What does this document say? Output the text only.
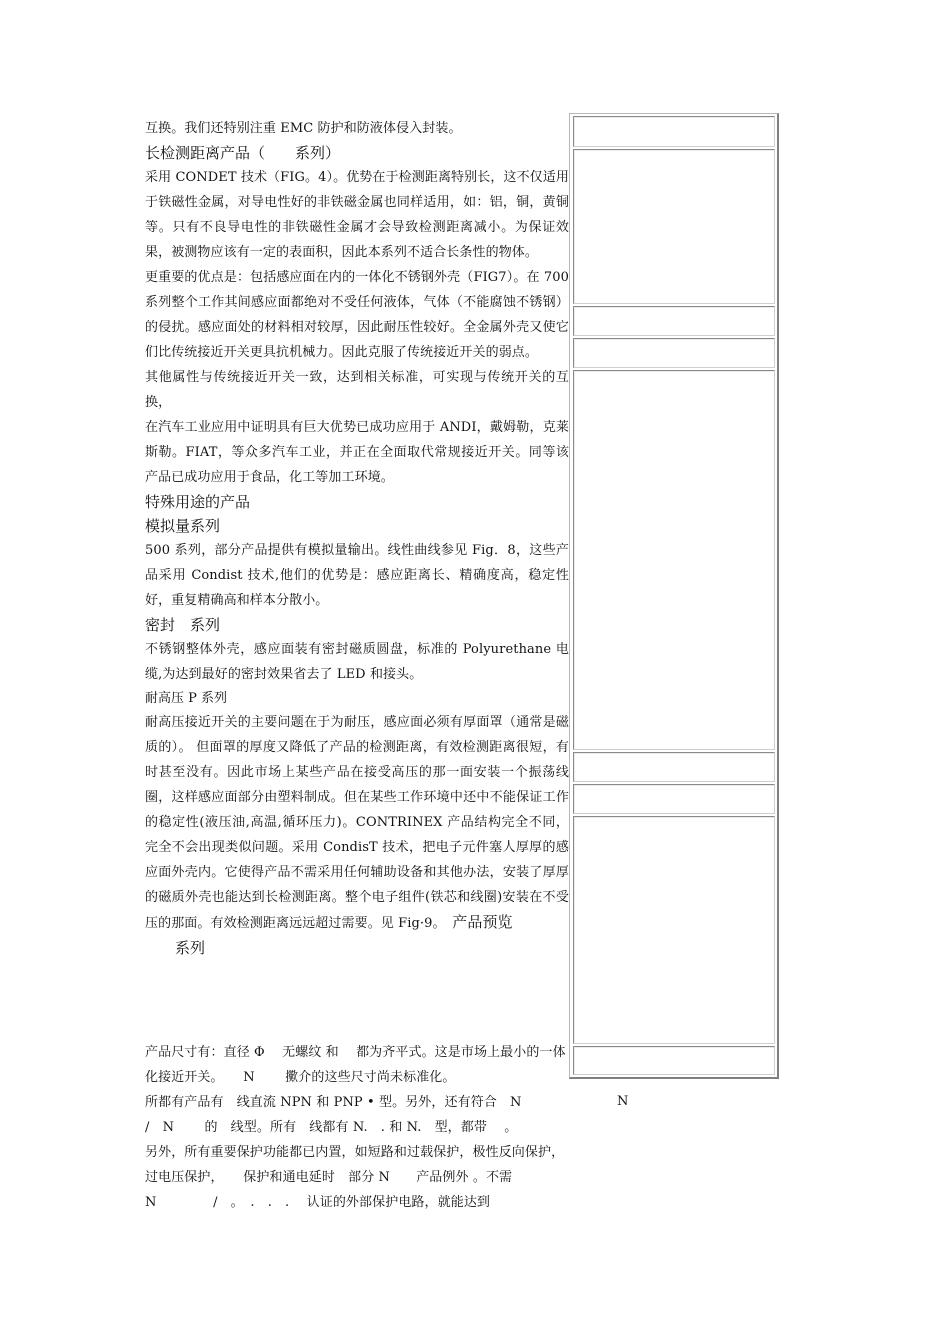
互换。我们还特别注重 EMC 防护和防液体侵入封装。

长检测距离产品（　　系列）

采用 CONDET 技术（FIG。4）。优势在于检测距离特别长，这不仅适用于铁磁性金属，对导电性好的非铁磁金属也同样适用，如：铝，铜，黄铜等。只有不良导电性的非铁磁性金属才会导致检测距离减小。为保证效果，被测物应该有一定的表面积，因此本系列不适合长条性的物体。

更重要的优点是：包括感应面在内的一体化不锈钢外壳（FIG7）。在 700 系列整个工作其间感应面都绝对不受任何液体，气体（不能腐蚀不锈钢）的侵扰。感应面处的材料相对较厚，因此耐压性较好。全金属外壳又使它们比传统接近开关更具抗机械力。因此克服了传统接近开关的弱点。

其他属性与传统接近开关一致，达到相关标准，可实现与传统开关的互换，

在汽车工业应用中证明具有巨大优势已成功应用于 ANDI，戴姆勒，克莱斯勒。FIAT，等众多汽车工业，并正在全面取代常规接近开关。同等该产品已成功应用于食品，化工等加工环境。

特殊用途的产品

模拟量系列

500 系列，部分产品提供有模拟量输出。线性曲线参见 Fig．8，这些产品采用 Condist 技术,他们的优势是：感应距离长、精确度高，稳定性好，重复精确高和样本分散小。

密封　系列

不锈钢整体外壳，感应面装有密封磁质圆盘，标准的 Polyurethane 电缆,为达到最好的密封效果省去了 LED 和接头。

耐高压 P 系列

耐高压接近开关的主要问题在于为耐压，感应面必须有厚面罩（通常是磁质的）。 但面罩的厚度又降低了产品的检测距离，有效检测距离很短，有时甚至没有。因此市场上某些产品在接受高压的那一面安装一个振荡线圈，这样感应面部分由塑料制成。但在某些工作环境中还中不能保证工作的稳定性(液压油,高温,循环压力)。CONTRINEX 产品结构完全不同，完全不会出现类似问题。采用 CondisT 技术，把电子元件塞人厚厚的感应面外壳内。它使得产品不需采用任何辅助设备和其他办法，安装了厚厚的磁质外壳也能达到长检测距离。整个电子组件(铁芯和线圈)安装在不受压的那面。有效检测距离远远超过需要。见 Fig·9。　 产品预览

系列

产品尺寸有：直径 Φ　 无螺纹 和　 都为齐平式。这是市场上最小的一体化接近开关。　　N　　 擹介的这些尺寸尚未标准化。

所都有产品有　线直流 NPN 和 PNP • 型。另外，还有符合　N

/　N　　 的　线型。所有　线都有 N.　. 和 N.　型，都带　 。

另外，所有重要保护功能都已内置，如短路和过载保护，极性反向保护，过电压保护，　　保护和通电延时　部分 N　　产品例外 。不需

N　　　　 /　。　.　.　.　 认证的外部保护电路，就能达到

N
